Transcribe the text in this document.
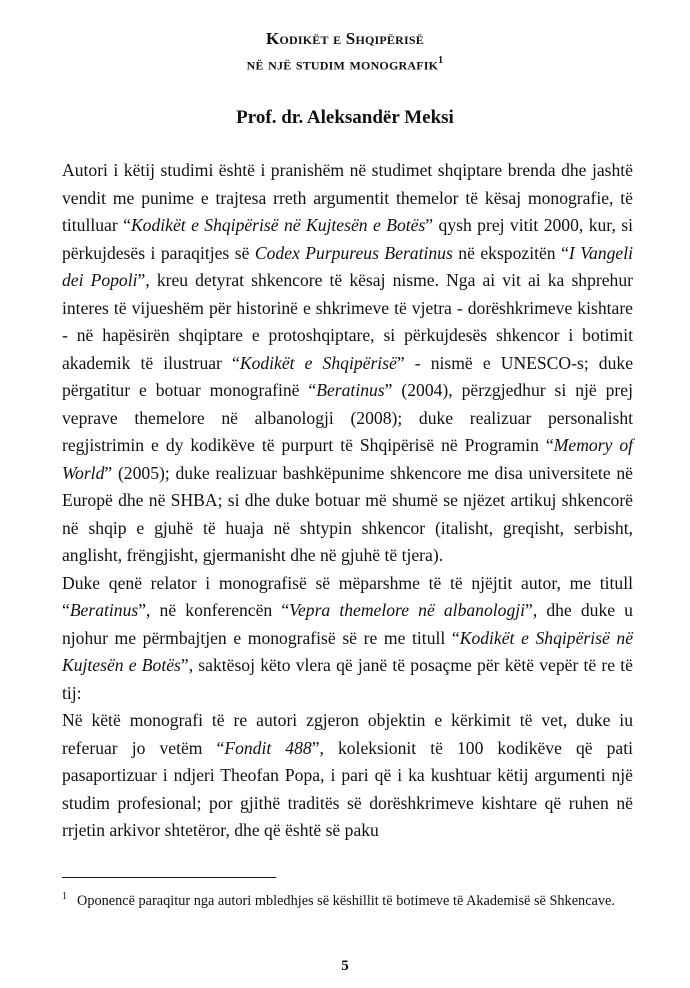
Kodikët e Shqipërisë
në një studim monografik$^1$
Prof. dr. Aleksandër Meksi

Autori i këtij studimi është i pranishëm në studimet shqiptare brenda dhe jashtë vendit me punime e trajtesa rreth argumentit themelor të kësaj monografie, të titulluar “Kodikët e Shqipërisë në Kujtesën e Botës” qysh prej vitit 2000, kur, si përkujdesës i paraqitjes së Codex Purpureus Beratinus në ekspozitën “I Vangeli dei Popoli”, kreu detyrat shkencore të kësaj nisme. Nga ai vit ai ka shprehur interes të vijueshëm për historinë e shkrimeve të vjetra - dorëshkrimeve kishtare - në hapësirën shqiptare e protoshqiptare, si përkujdesës shkencor i botimit akademik të ilustruar “Kodikët e Shqipërisë” - nismë e UNESCO-s; duke përgatitur e botuar monografinë “Beratinus” (2004), përzgjedhur si një prej veprave themelore në albanologji (2008); duke realizuar personalisht regjistrimin e dy kodikëve të purpurt të Shqipërisë në Programin “Memory of World” (2005); duke realizuar bashkëpunime shkencore me disa universitete në Europë dhe në SHBA; si dhe duke botuar më shumë se njëzet artikuj shkencorë në shqip e gjuhë të huaja në shtypin shkencor (italisht, greqisht, serbisht, anglisht, frëngjisht, gjermanisht dhe në gjuhë të tjera).

Duke qenë relator i monografisë së mëparshme të të njëjtit autor, me titull “Beratinus”, në konferencën “Vepra themelore në albanologji”, dhe duke u njohur me përmbajtjen e monografisë së re me titull “Kodikët e Shqipërisë në Kujtesën e Botës”, saktësoj këto vlera që janë të posaçme për këtë vepër të re të tij:

Në këtë monografi të re autori zgjeron objektin e kërkimit të vet, duke iu referuar jo vetëm “Fondit 488”, koleksionit të 100 kodikëve që pati pasaportizuar i ndjeri Theofan Popa, i pari që i ka kushtuar këtij argumenti një studim profesional; por gjithë traditës së dorëshkrimeve kishtare që ruhen në rrjetin arkivor shtetëror, dhe që është së paku

$^1$ Oponencë paraqitur nga autori mbledhjes së këshillit të botimeve të Akademisë së Shkencave.
5
